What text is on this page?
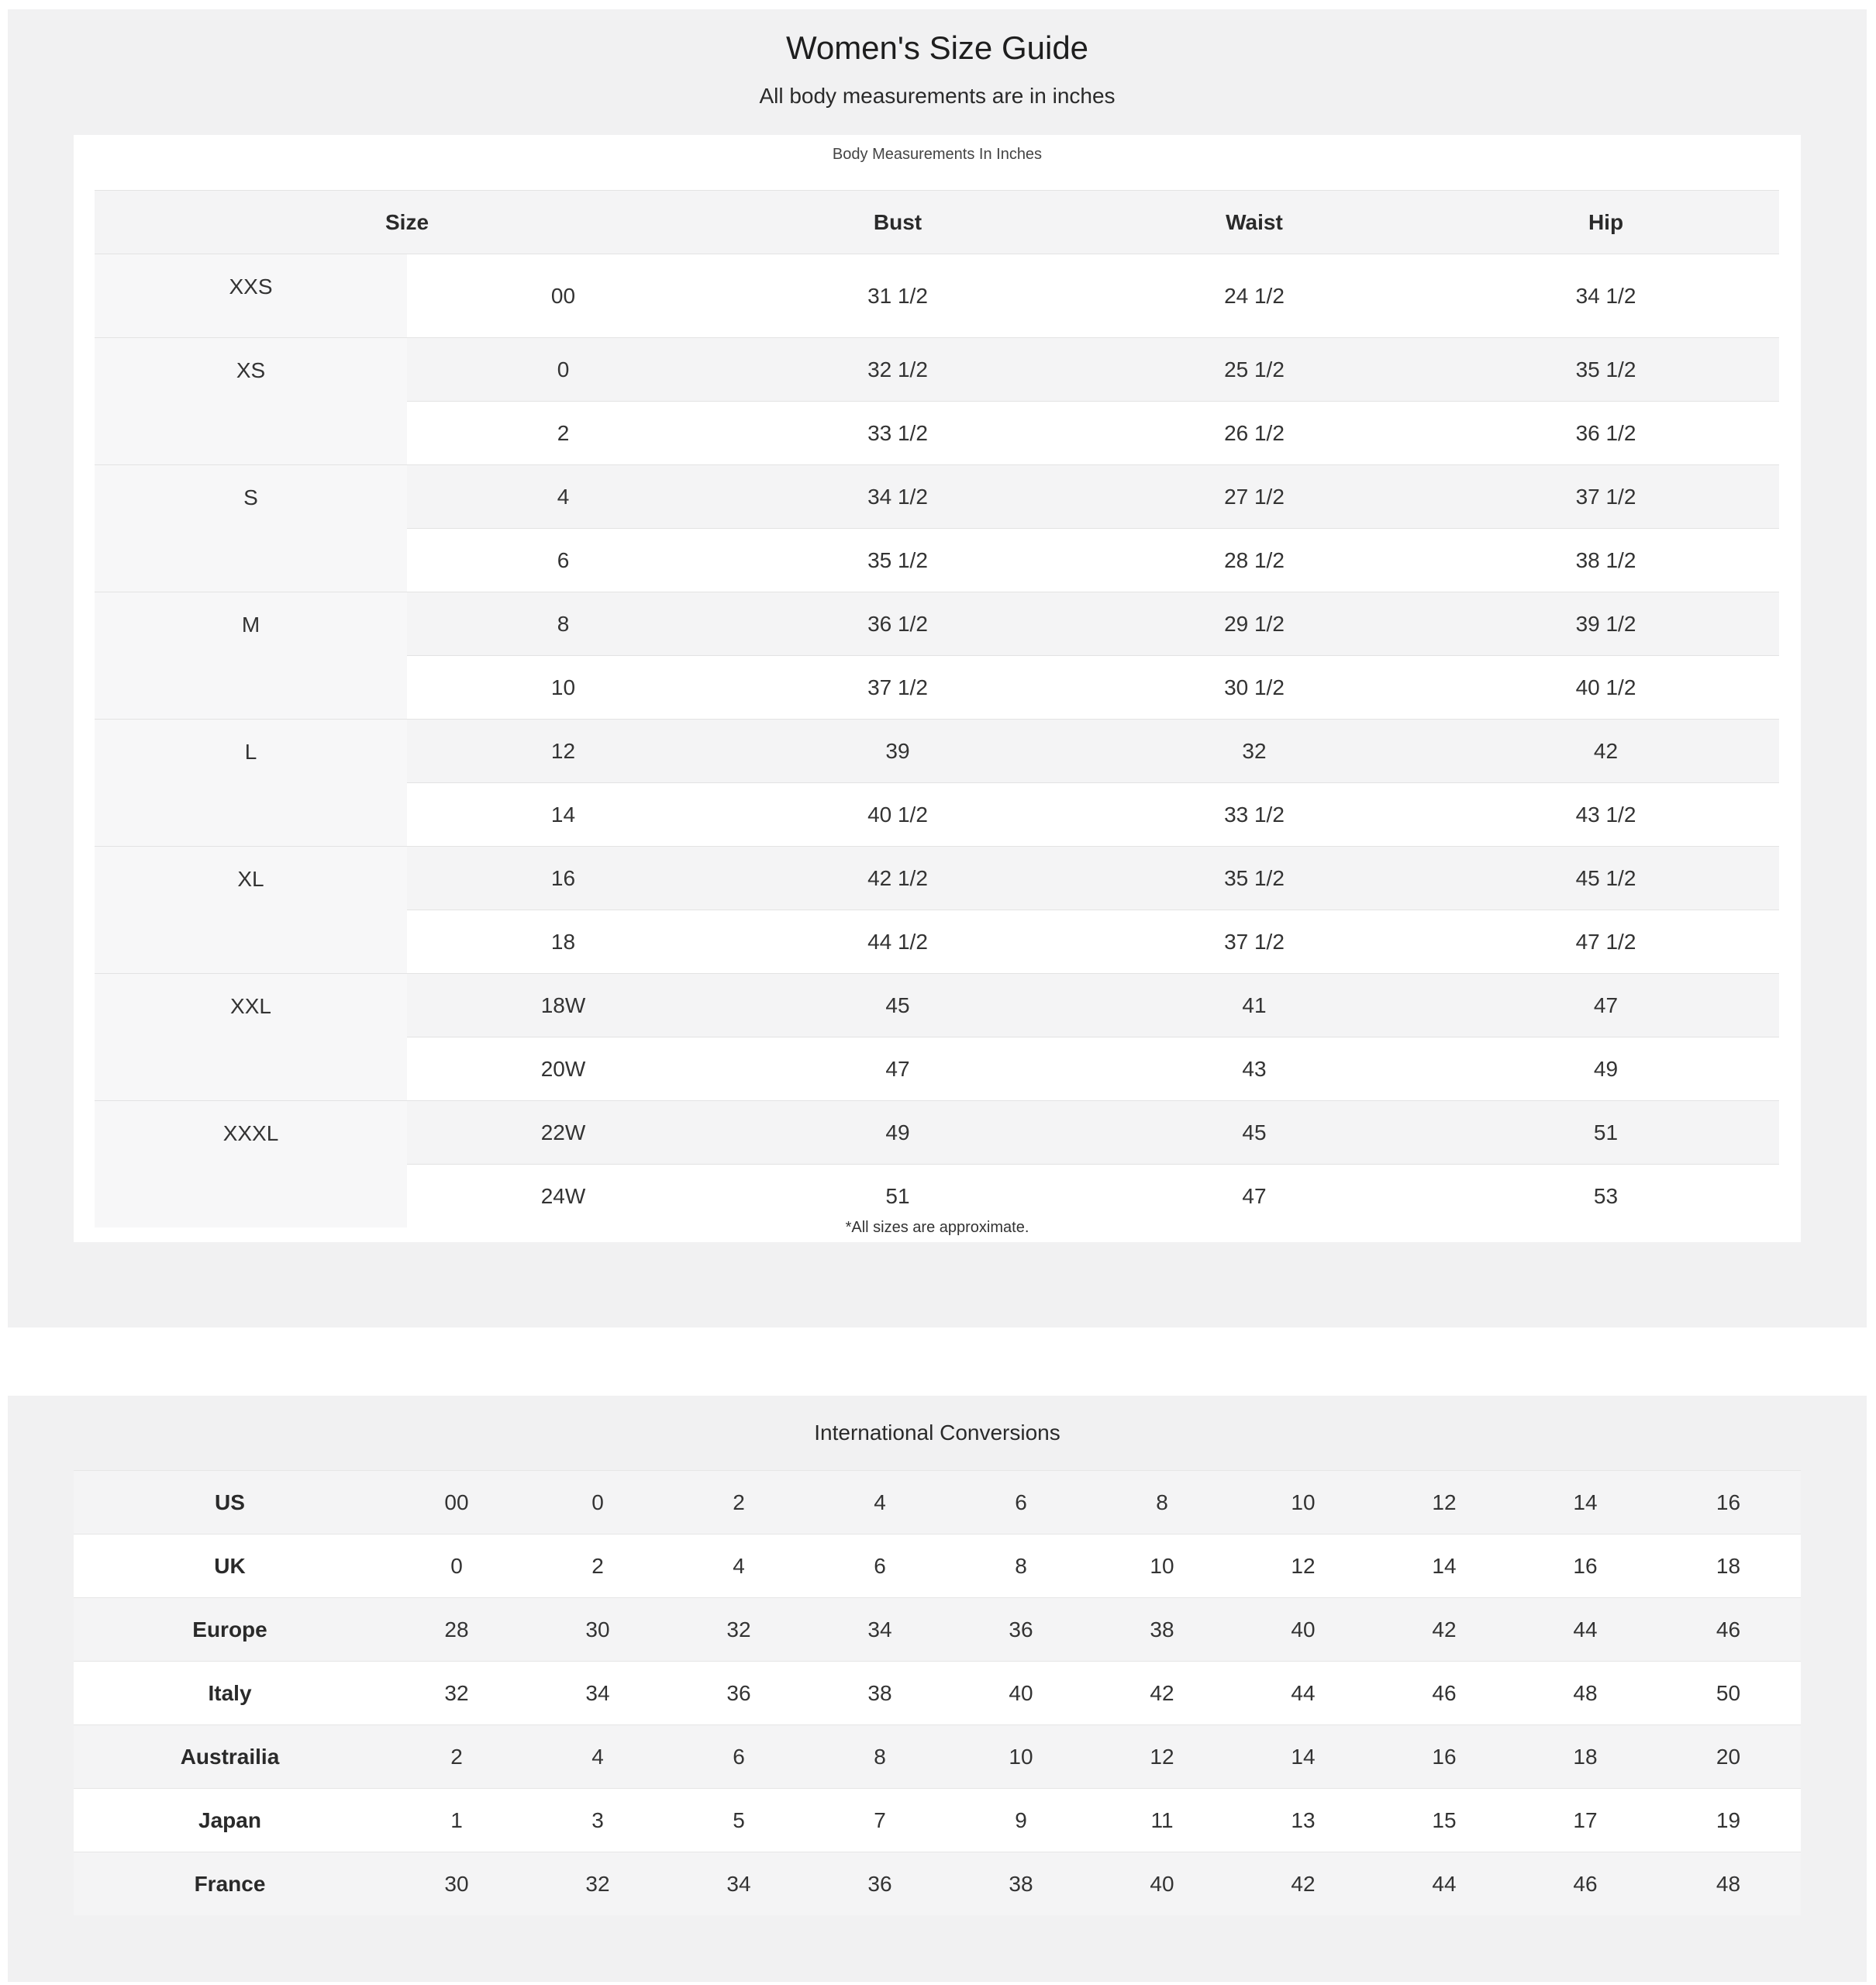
Women's Size Guide
All body measurements are in inches
Body Measurements In Inches
Size		Bust	Waist	Hip
XXS	00	31 1/2	24 1/2	34 1/2
XS	0	32 1/2	25 1/2	35 1/2
	2	33 1/2	26 1/2	36 1/2
S	4	34 1/2	27 1/2	37 1/2
	6	35 1/2	28 1/2	38 1/2
M	8	36 1/2	29 1/2	39 1/2
	10	37 1/2	30 1/2	40 1/2
L	12	39	32	42
	14	40 1/2	33 1/2	43 1/2
XL	16	42 1/2	35 1/2	45 1/2
	18	44 1/2	37 1/2	47 1/2
XXL	18W	45	41	47
	20W	47	43	49
XXXL	22W	49	45	51
	24W	51	47	53
*All sizes are approximate.
International Conversions
US	00	0	2	4	6	8	10	12	14	16
UK	0	2	4	6	8	10	12	14	16	18
Europe	28	30	32	34	36	38	40	42	44	46
Italy	32	34	36	38	40	42	44	46	48	50
Austrailia	2	4	6	8	10	12	14	16	18	20
Japan	1	3	5	7	9	11	13	15	17	19
France	30	32	34	36	38	40	42	44	46	48
